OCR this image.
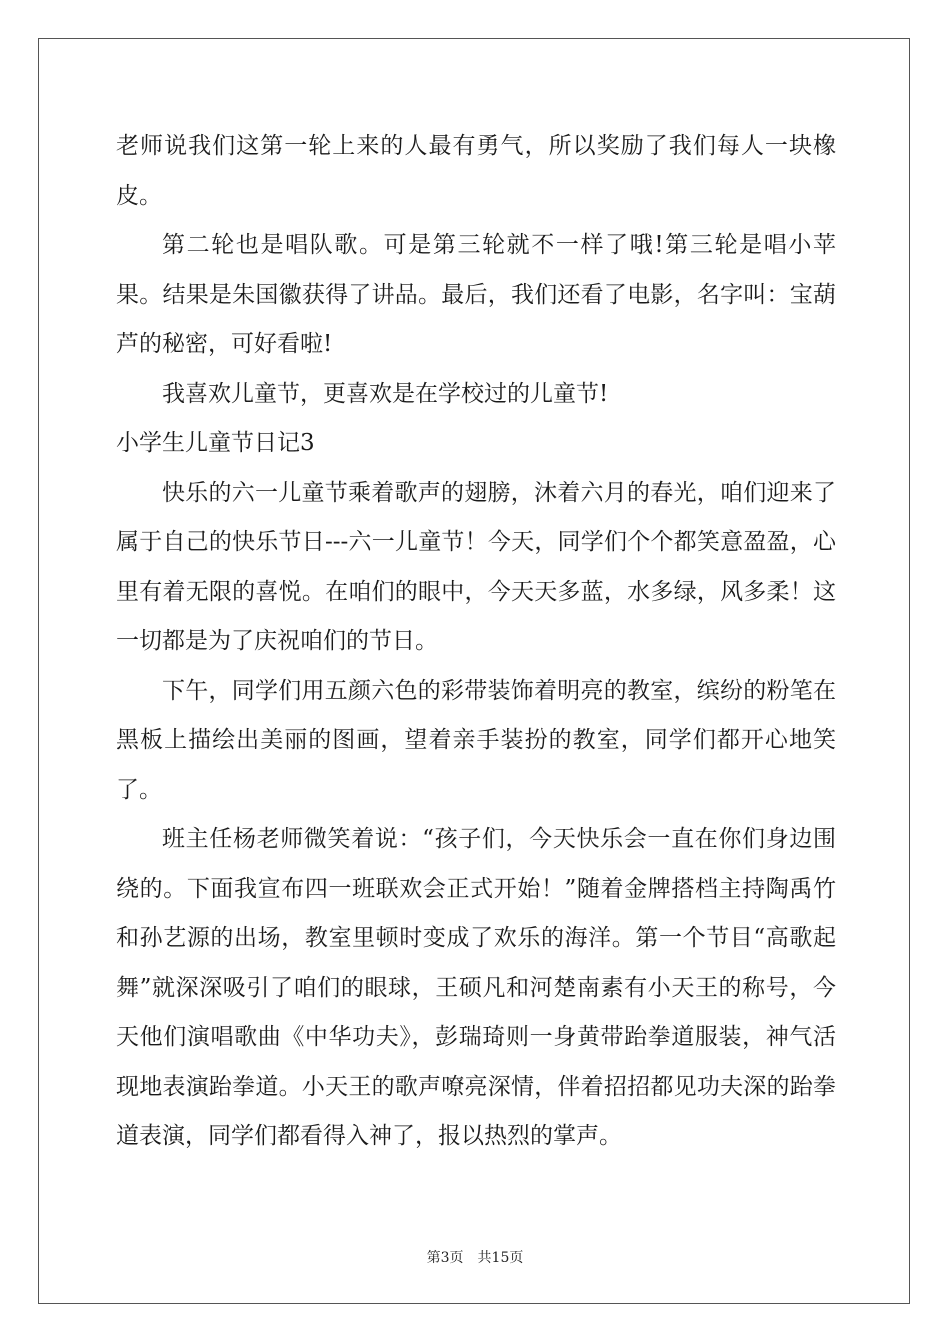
老师说我们这第一轮上来的人最有勇气，所以奖励了我们每人一块橡皮。

第二轮也是唱队歌。可是第三轮就不一样了哦!第三轮是唱小苹果。结果是朱国徽获得了讲品。最后，我们还看了电影，名字叫：宝葫芦的秘密，可好看啦!

我喜欢儿童节，更喜欢是在学校过的儿童节!

小学生儿童节日记3

快乐的六一儿童节乘着歌声的翅膀，沐着六月的春光，咱们迎来了属于自己的快乐节日---六一儿童节！今天，同学们个个都笑意盈盈，心里有着无限的喜悦。在咱们的眼中，今天天多蓝，水多绿，风多柔！这一切都是为了庆祝咱们的节日。

下午，同学们用五颜六色的彩带装饰着明亮的教室，缤纷的粉笔在黑板上描绘出美丽的图画，望着亲手装扮的教室，同学们都开心地笑了。

班主任杨老师微笑着说：“孩子们，今天快乐会一直在你们身边围绕的。下面我宣布四一班联欢会正式开始！”随着金牌搭档主持陶禹竹和孙艺源的出场，教室里顿时变成了欢乐的海洋。第一个节目“高歌起舞”就深深吸引了咱们的眼球，王硕凡和河楚南素有小天王的称号，今天他们演唱歌曲《中华功夫》，彭瑞琦则一身黄带跆拳道服装，神气活现地表演跆拳道。小天王的歌声嘹亮深情，伴着招招都见功夫深的跆拳道表演，同学们都看得入神了，报以热烈的掌声。

第3页　共15页
